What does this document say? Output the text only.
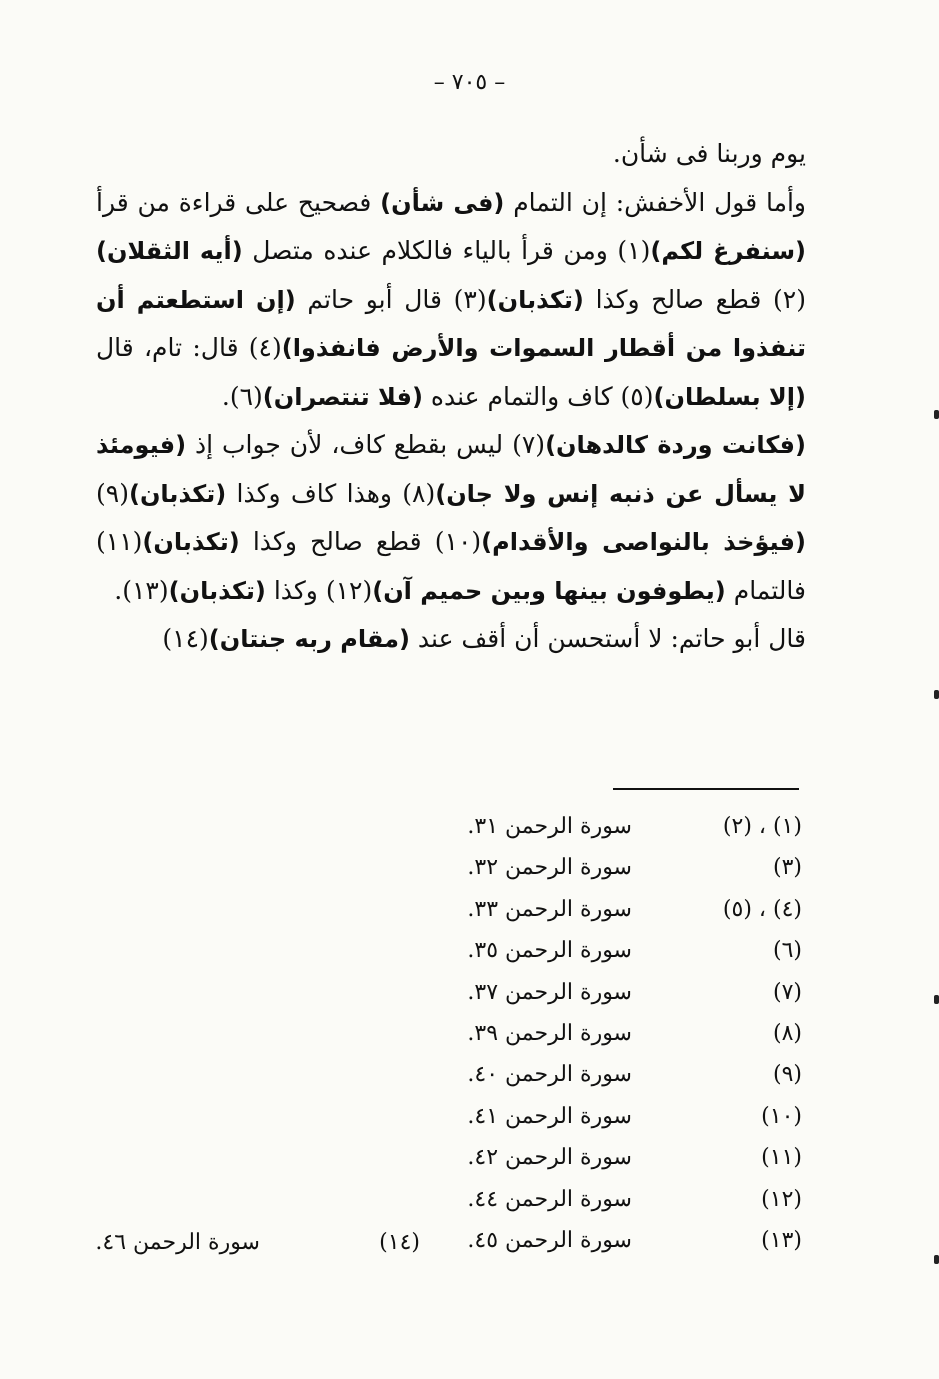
– ٧٠٥ –

يوم وربنا فى شأن.

وأما قول الأخفش: إن التمام (فى شأن) فصحيح على قراءة من قرأ (سنفرغ لكم)(١) ومن قرأ بالياء فالكلام عنده متصل (أيه الثقلان)(٢) قطع صالح وكذا (تكذبان)(٣) قال أبو حاتم (إن استطعتم أن تنفذوا من أقطار السموات والأرض فانفذوا)(٤) قال: تام، قال (إلا بسلطان)(٥) كاف والتمام عنده (فلا تنتصران)(٦).

(فكانت وردة كالدهان)(٧) ليس بقطع كاف، لأن جواب إذ (فيومئذ لا يسأل عن ذنبه إنس ولا جان)(٨) وهذا كاف وكذا (تكذبان)(٩) (فيؤخذ بالنواصى والأقدام)(١٠) قطع صالح وكذا (تكذبان)(١١) فالتمام (يطوفون بينها وبين حميم آن)(١٢) وكذا (تكذبان)(١٣).

قال أبو حاتم: لا أستحسن أن أقف عند (مقام ربه جنتان)(١٤)

(١) ، (٢)
سورة الرحمن ٣١.
(٣)
سورة الرحمن ٣٢.
(٤) ، (٥)
سورة الرحمن ٣٣.
(٦)
سورة الرحمن ٣٥.
(٧)
سورة الرحمن ٣٧.
(٨)
سورة الرحمن ٣٩.
(٩)
سورة الرحمن ٤٠.
(١٠)
سورة الرحمن ٤١.
(١١)
سورة الرحمن ٤٢.
(١٢)
سورة الرحمن ٤٤.
(١٣)
سورة الرحمن ٤٥.
(١٤)
سورة الرحمن ٤٦.
